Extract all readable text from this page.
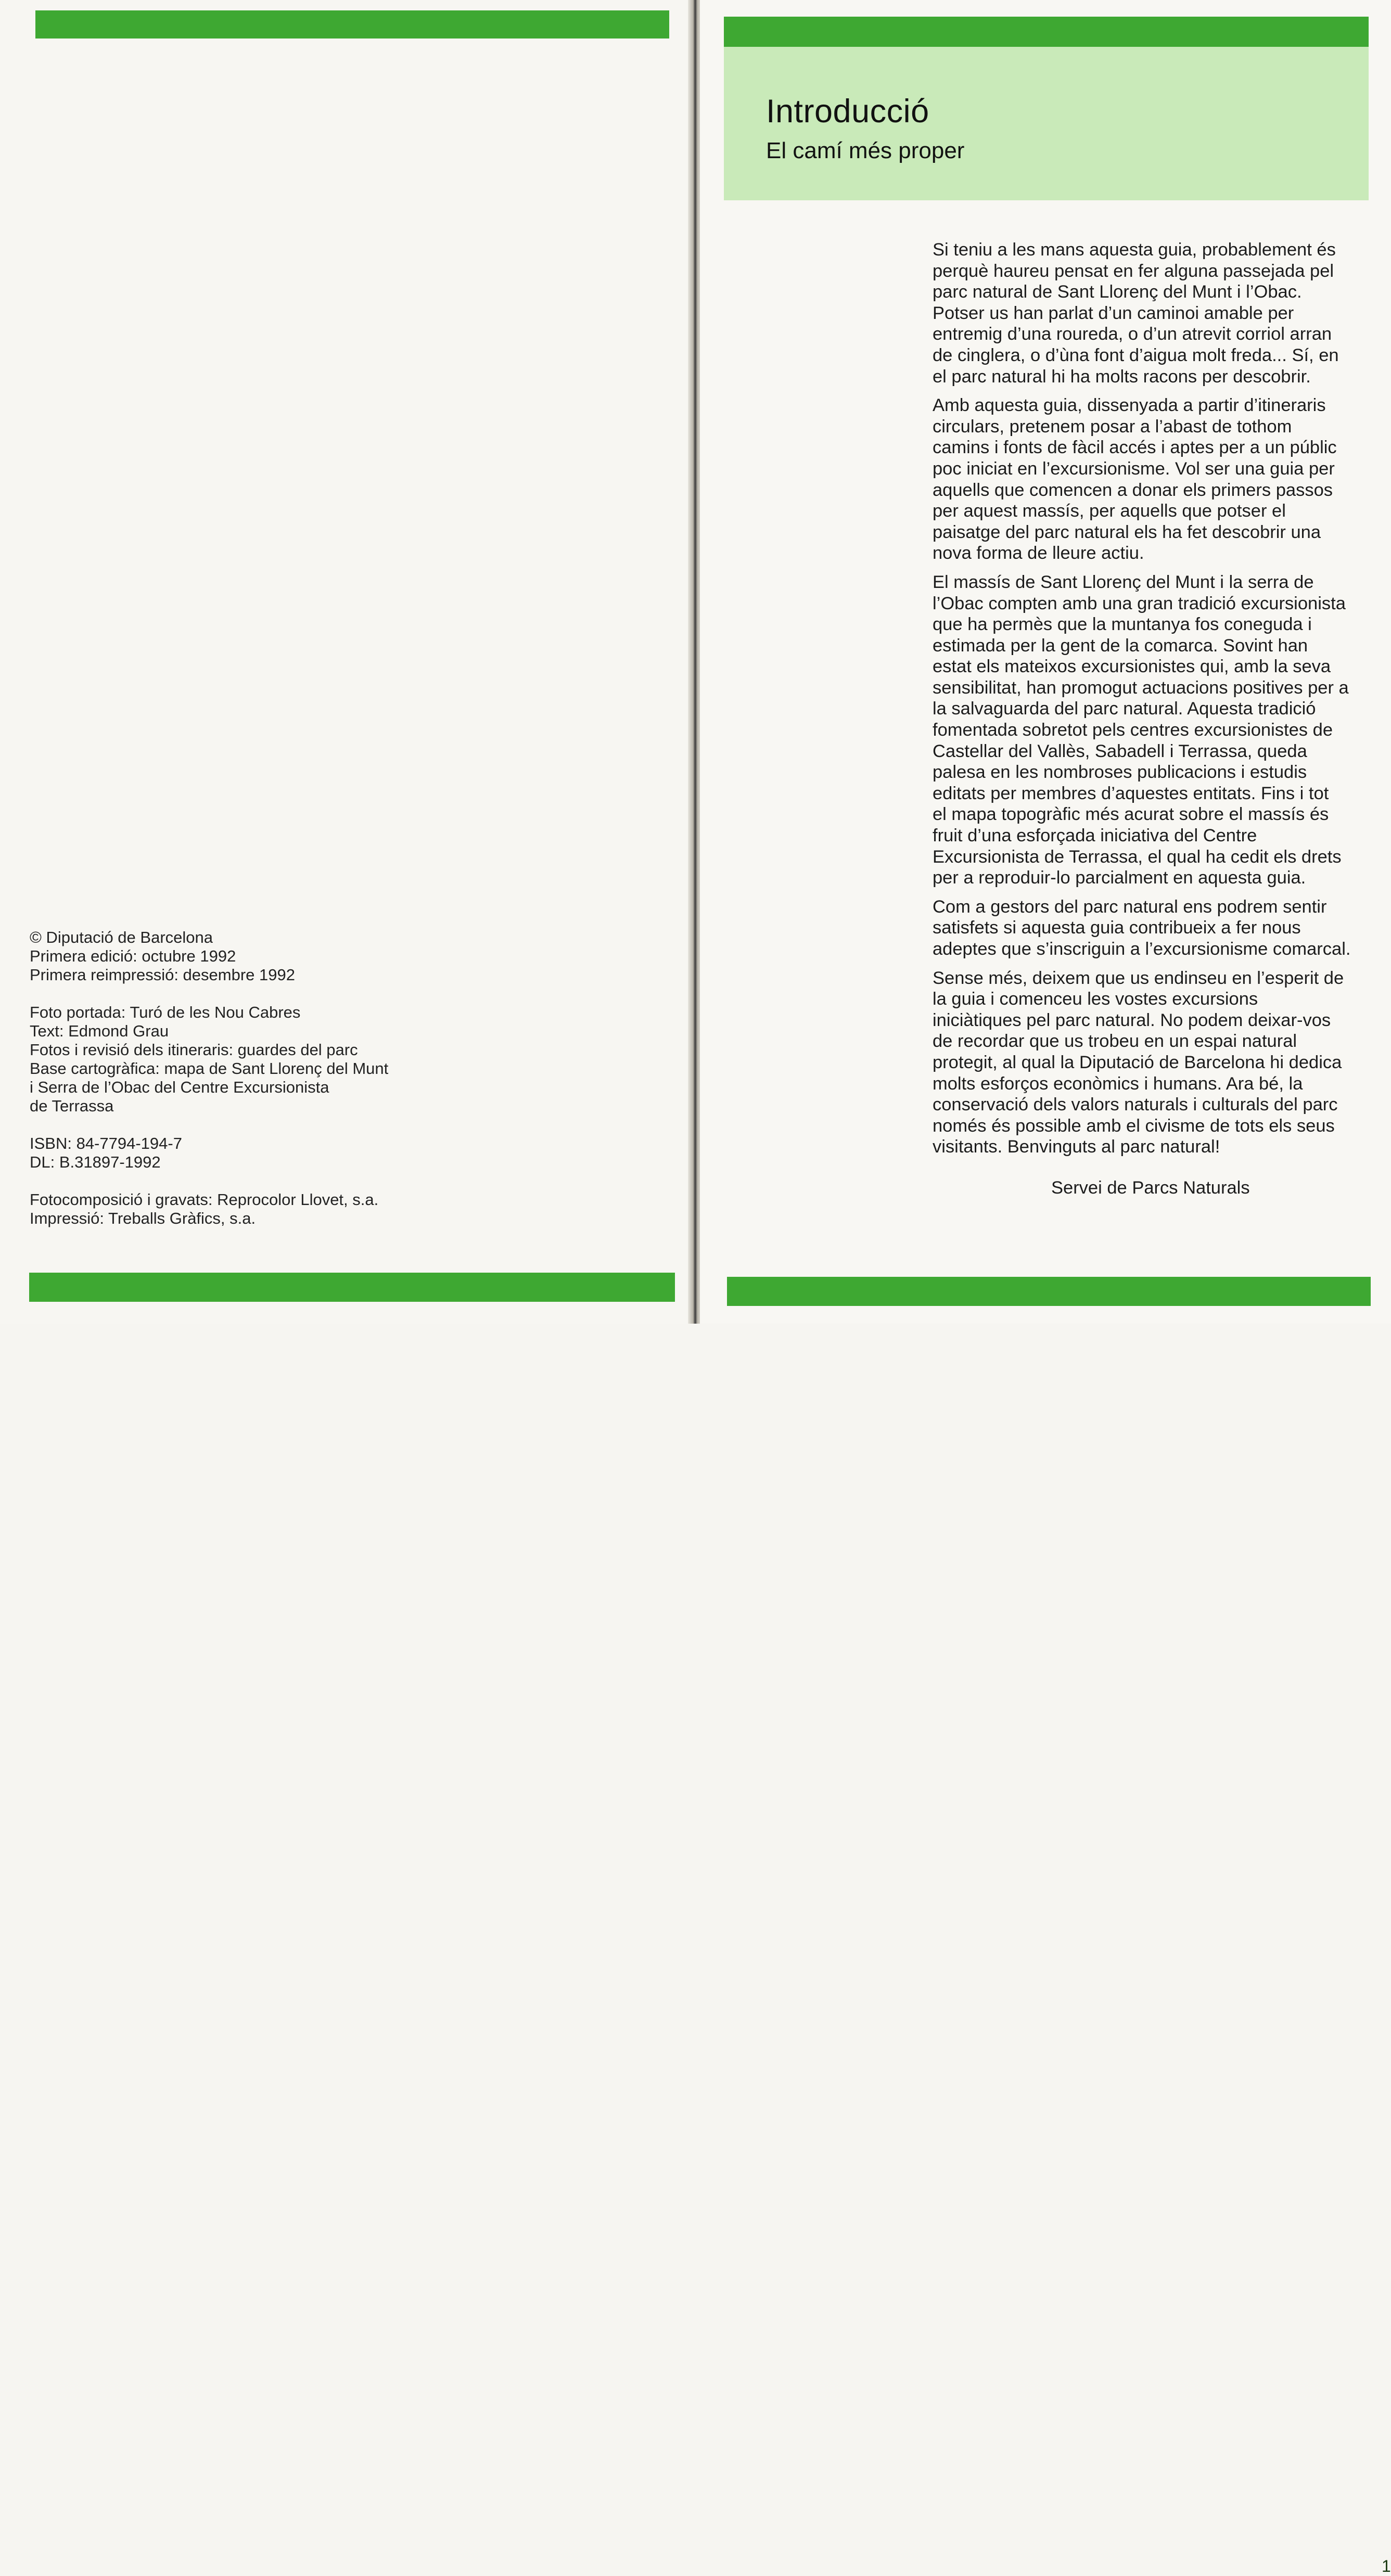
© Diputació de Barcelona
Primera edició: octubre 1992
Primera reimpressió: desembre 1992
Foto portada: Turó de les Nou Cabres
Text: Edmond Grau
Fotos i revisió dels itineraris: guardes del parc
Base cartogràfica: mapa de Sant Llorenç del Munt
i Serra de l’Obac del Centre Excursionista
de Terrassa
ISBN: 84-7794-194-7
DL: B.31897-1992
Fotocomposició i gravats: Reprocolor Llovet, s.a.
Impressió: Treballs Gràfics, s.a.
Introducció
El camí més proper

Si teniu a les mans aquesta guia, probablement és
perquè haureu pensat en fer alguna passejada pel
parc natural de Sant Llorenç del Munt i l’Obac.
Potser us han parlat d’un caminoi amable per
entremig d’una roureda, o d’un atrevit corriol arran
de cinglera, o d’ùna font d’aigua molt freda... Sí, en
el parc natural hi ha molts racons per descobrir.

Amb aquesta guia, dissenyada a partir d’itineraris
circulars, pretenem posar a l’abast de tothom
camins i fonts de fàcil accés i aptes per a un públic
poc iniciat en l’excursionisme. Vol ser una guia per
aquells que comencen a donar els primers passos
per aquest massís, per aquells que potser el
paisatge del parc natural els ha fet descobrir una
nova forma de lleure actiu.

El massís de Sant Llorenç del Munt i la serra de
l’Obac compten amb una gran tradició excursionista
que ha permès que la muntanya fos coneguda i
estimada per la gent de la comarca. Sovint han
estat els mateixos excursionistes qui, amb la seva
sensibilitat, han promogut actuacions positives per a
la salvaguarda del parc natural. Aquesta tradició
fomentada sobretot pels centres excursionistes de
Castellar del Vallès, Sabadell i Terrassa, queda
palesa en les nombroses publicacions i estudis
editats per membres d’aquestes entitats. Fins i tot
el mapa topogràfic més acurat sobre el massís és
fruit d’una esforçada iniciativa del Centre
Excursionista de Terrassa, el qual ha cedit els drets
per a reproduir-lo parcialment en aquesta guia.

Com a gestors del parc natural ens podrem sentir
satisfets si aquesta guia contribueix a fer nous
adeptes que s’inscriguin a l’excursionisme comarcal.

Sense més, deixem que us endinseu en l’esperit de
la guia i comenceu les vostes excursions
iniciàtiques pel parc natural. No podem deixar-vos
de recordar que us trobeu en un espai natural
protegit, al qual la Diputació de Barcelona hi dedica
molts esforços econòmics i humans. Ara bé, la
conservació dels valors naturals i culturals del parc
només és possible amb el civisme de tots els seus
visitants. Benvinguts al parc natural!

Servei de Parcs Naturals
1
